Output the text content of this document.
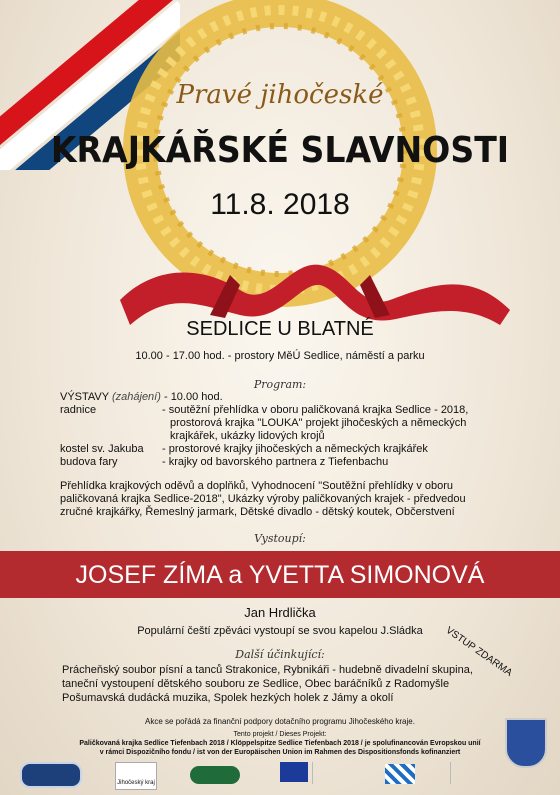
Pravé jihočeské
KRAJKÁŘSKÉ SLAVNOSTI
11.8. 2018
SEDLICE U BLATNÉ
10.00 - 17.00 hod. - prostory MěÚ Sedlice, náměstí a parku
Program:
VÝSTAVY (zahájení) - 10.00 hod.
radnice	- soutěžní přehlídka v oboru paličkovaná krajka Sedlice - 2018,
prostorová krajka "LOUKA" projekt jihočeských a německých
krajkářek, ukázky lidových krojů
kostel sv. Jakuba - prostorové krajky jihočeských a německých krajkářek
budova fary	- krajky od bavorského partnera z Tiefenbachu
Přehlídka krajkových oděvů a doplňků, Vyhodnocení "Soutěžní přehlídky v oboru
paličkovaná krajka Sedlice-2018", Ukázky výroby paličkovaných krajek - předvedou
zručné krajkářky, Řemeslný jarmark, Dětské divadlo - dětský koutek, Občerstvení
Vystoupí:
JOSEF ZÍMA a YVETTA SIMONOVÁ
Jan Hrdlička
Populární čeští zpěváci vystoupí se svou kapelou J.Sládka	VSTUP ZDARMA
Další účinkující:
Prácheňský soubor písní a tanců Strakonice, Rybnikáři - hudebně divadelní skupina,
taneční vystoupení dětského souboru ze Sedlice, Obec baráčníků z Radomyšle
Pošumavská dudácká muzika, Spolek hezkých holek z Jámy a okolí
Akce se pořádá za finanční podpory dotačního programu Jihočeského kraje.
Tento projekt / Dieses Projekt:
Paličkovaná krajka Sedlice Tiefenbach 2018 / Klöppelspitze Sedlice Tiefenbach 2018 / je spolufinancován Evropskou unií
v rámci Dispozičního fondu / ist von der Europäischen Union im Rahmen des Dispositionsfonds kofinanziert
Jihočeský kraj
